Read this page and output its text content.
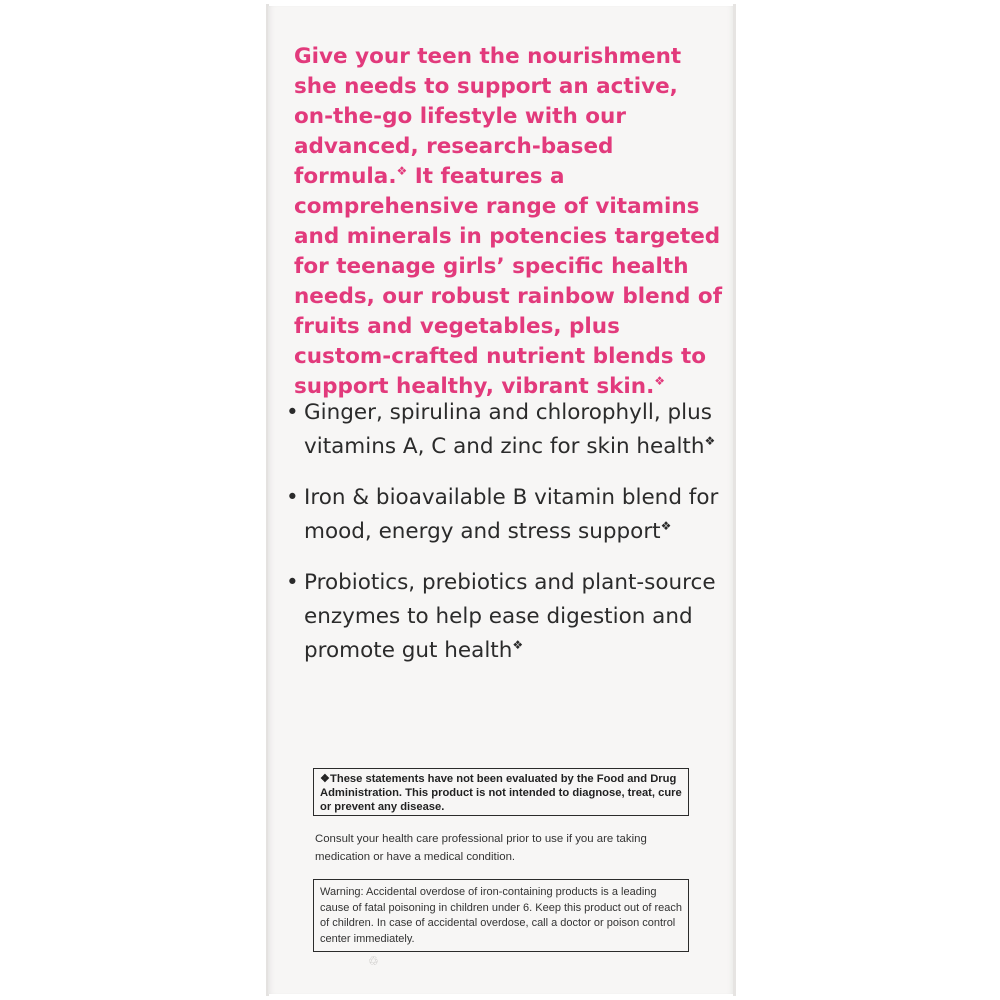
Give your teen the nourishment she needs to support an active, on-the-go lifestyle with our advanced, research-based formula.❖ It features a comprehensive range of vitamins and minerals in potencies targeted for teenage girls’ specific health needs, our robust rainbow blend of fruits and vegetables, plus custom-crafted nutrient blends to support healthy, vibrant skin.❖

• Ginger, spirulina and chlorophyll, plus vitamins A, C and zinc for skin health❖
• Iron & bioavailable B vitamin blend for mood, energy and stress support❖
• Probiotics, prebiotics and plant-source enzymes to help ease digestion and promote gut health❖
❖These statements have not been evaluated by the Food and Drug Administration. This product is not intended to diagnose, treat, cure or prevent any disease.
Consult your health care professional prior to use if you are taking medication or have a medical condition.
Warning: Accidental overdose of iron-containing products is a leading cause of fatal poisoning in children under 6. Keep this product out of reach of children. In case of accidental overdose, call a doctor or poison control center immediately.
♲
